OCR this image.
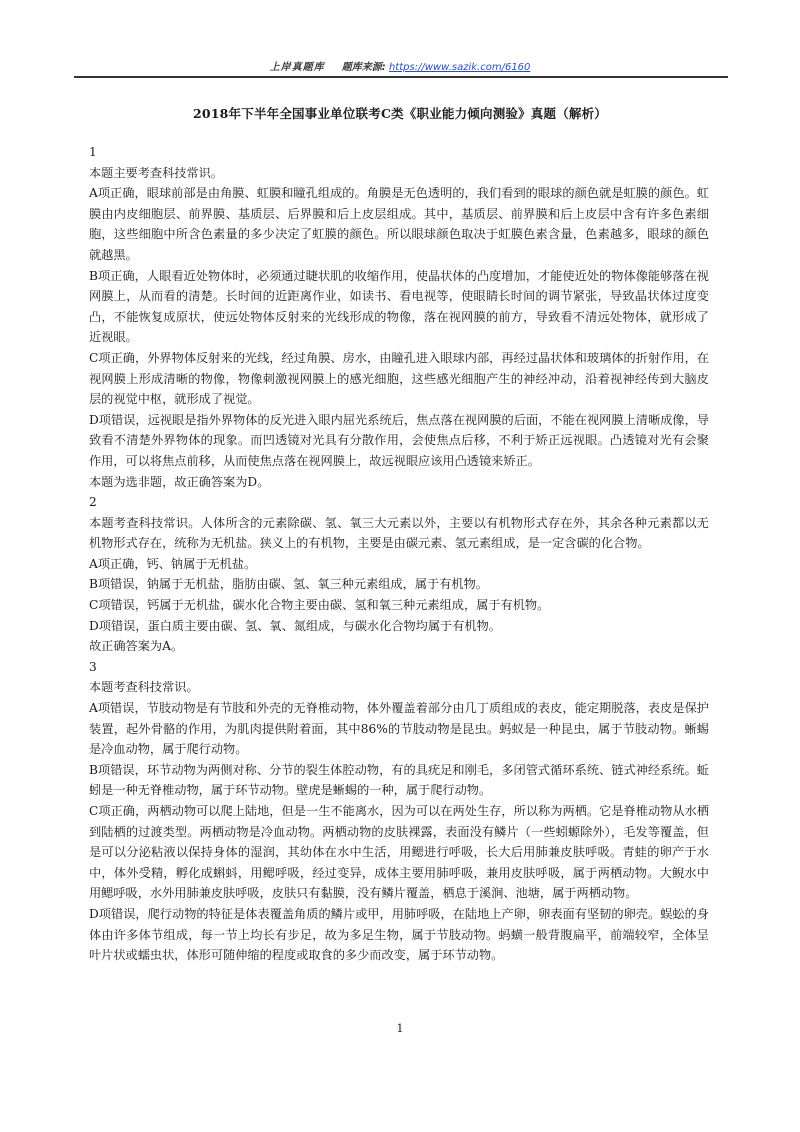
上岸真题库 题库来源: https://www.sazik.com/6160
2018年下半年全国事业单位联考C类《职业能力倾向测验》真题（解析）

1

本题主要考查科技常识。

A项正确，眼球前部是由角膜、虹膜和瞳孔组成的。角膜是无色透明的，我们看到的眼球的颜色就是虹膜的颜色。虹膜由内皮细胞层、前界膜、基质层、后界膜和后上皮层组成。其中，基质层、前界膜和后上皮层中含有许多色素细胞，这些细胞中所含色素量的多少决定了虹膜的颜色。所以眼球颜色取决于虹膜色素含量，色素越多，眼球的颜色就越黑。

B项正确，人眼看近处物体时，必须通过睫状肌的收缩作用，使晶状体的凸度增加，才能使近处的物体像能够落在视网膜上，从而看的清楚。长时间的近距离作业，如读书、看电视等，使眼睛长时间的调节紧张，导致晶状体过度变凸，不能恢复成原状，使远处物体反射来的光线形成的物像，落在视网膜的前方，导致看不清远处物体，就形成了近视眼。

C项正确，外界物体反射来的光线，经过角膜、房水，由瞳孔进入眼球内部，再经过晶状体和玻璃体的折射作用，在视网膜上形成清晰的物像，物像刺激视网膜上的感光细胞，这些感光细胞产生的神经冲动，沿着视神经传到大脑皮层的视觉中枢，就形成了视觉。

D项错误，远视眼是指外界物体的反光进入眼内屈光系统后，焦点落在视网膜的后面，不能在视网膜上清晰成像，导致看不清楚外界物体的现象。而凹透镜对光具有分散作用，会使焦点后移，不利于矫正远视眼。凸透镜对光有会聚作用，可以将焦点前移，从而使焦点落在视网膜上，故远视眼应该用凸透镜来矫正。

本题为选非题，故正确答案为D。

2

本题考查科技常识。人体所含的元素除碳、氢、氧三大元素以外，主要以有机物形式存在外，其余各种元素都以无机物形式存在，统称为无机盐。狭义上的有机物，主要是由碳元素、氢元素组成，是一定含碳的化合物。

A项正确，钙、钠属于无机盐。

B项错误，钠属于无机盐，脂肪由碳、氢、氧三种元素组成，属于有机物。

C项错误，钙属于无机盐，碳水化合物主要由碳、氢和氧三种元素组成，属于有机物。

D项错误，蛋白质主要由碳、氢、氧、氮组成，与碳水化合物均属于有机物。

故正确答案为A。

3

本题考查科技常识。

A项错误，节肢动物是有节肢和外壳的无脊椎动物，体外覆盖着部分由几丁质组成的表皮，能定期脱落，表皮是保护装置，起外骨骼的作用，为肌肉提供附着面，其中86%的节肢动物是昆虫。蚂蚁是一种昆虫，属于节肢动物。蜥蜴是冷血动物，属于爬行动物。

B项错误，环节动物为两侧对称、分节的裂生体腔动物，有的具疣足和刚毛，多闭管式循环系统、链式神经系统。蚯蚓是一种无脊椎动物，属于环节动物。壁虎是蜥蜴的一种，属于爬行动物。

C项正确，两栖动物可以爬上陆地，但是一生不能离水，因为可以在两处生存，所以称为两栖。它是脊椎动物从水栖到陆栖的过渡类型。两栖动物是冷血动物。两栖动物的皮肤裸露，表面没有鳞片（一些蚓螈除外），毛发等覆盖，但是可以分泌粘液以保持身体的湿润，其幼体在水中生活，用鳃进行呼吸，长大后用肺兼皮肤呼吸。青蛙的卵产于水中，体外受精，孵化成蝌蚪，用鳃呼吸，经过变异，成体主要用肺呼吸，兼用皮肤呼吸，属于两栖动物。大鲵水中用鳃呼吸，水外用肺兼皮肤呼吸，皮肤只有黏膜，没有鳞片覆盖，栖息于溪涧、池塘，属于两栖动物。

D项错误，爬行动物的特征是体表覆盖角质的鳞片或甲，用肺呼吸，在陆地上产卵，卵表面有坚韧的卵壳。蜈蚣的身体由许多体节组成，每一节上均长有步足，故为多足生物，属于节肢动物。蚂蟥一般背腹扁平，前端较窄，全体呈叶片状或蠕虫状，体形可随伸缩的程度或取食的多少而改变，属于环节动物。

1
